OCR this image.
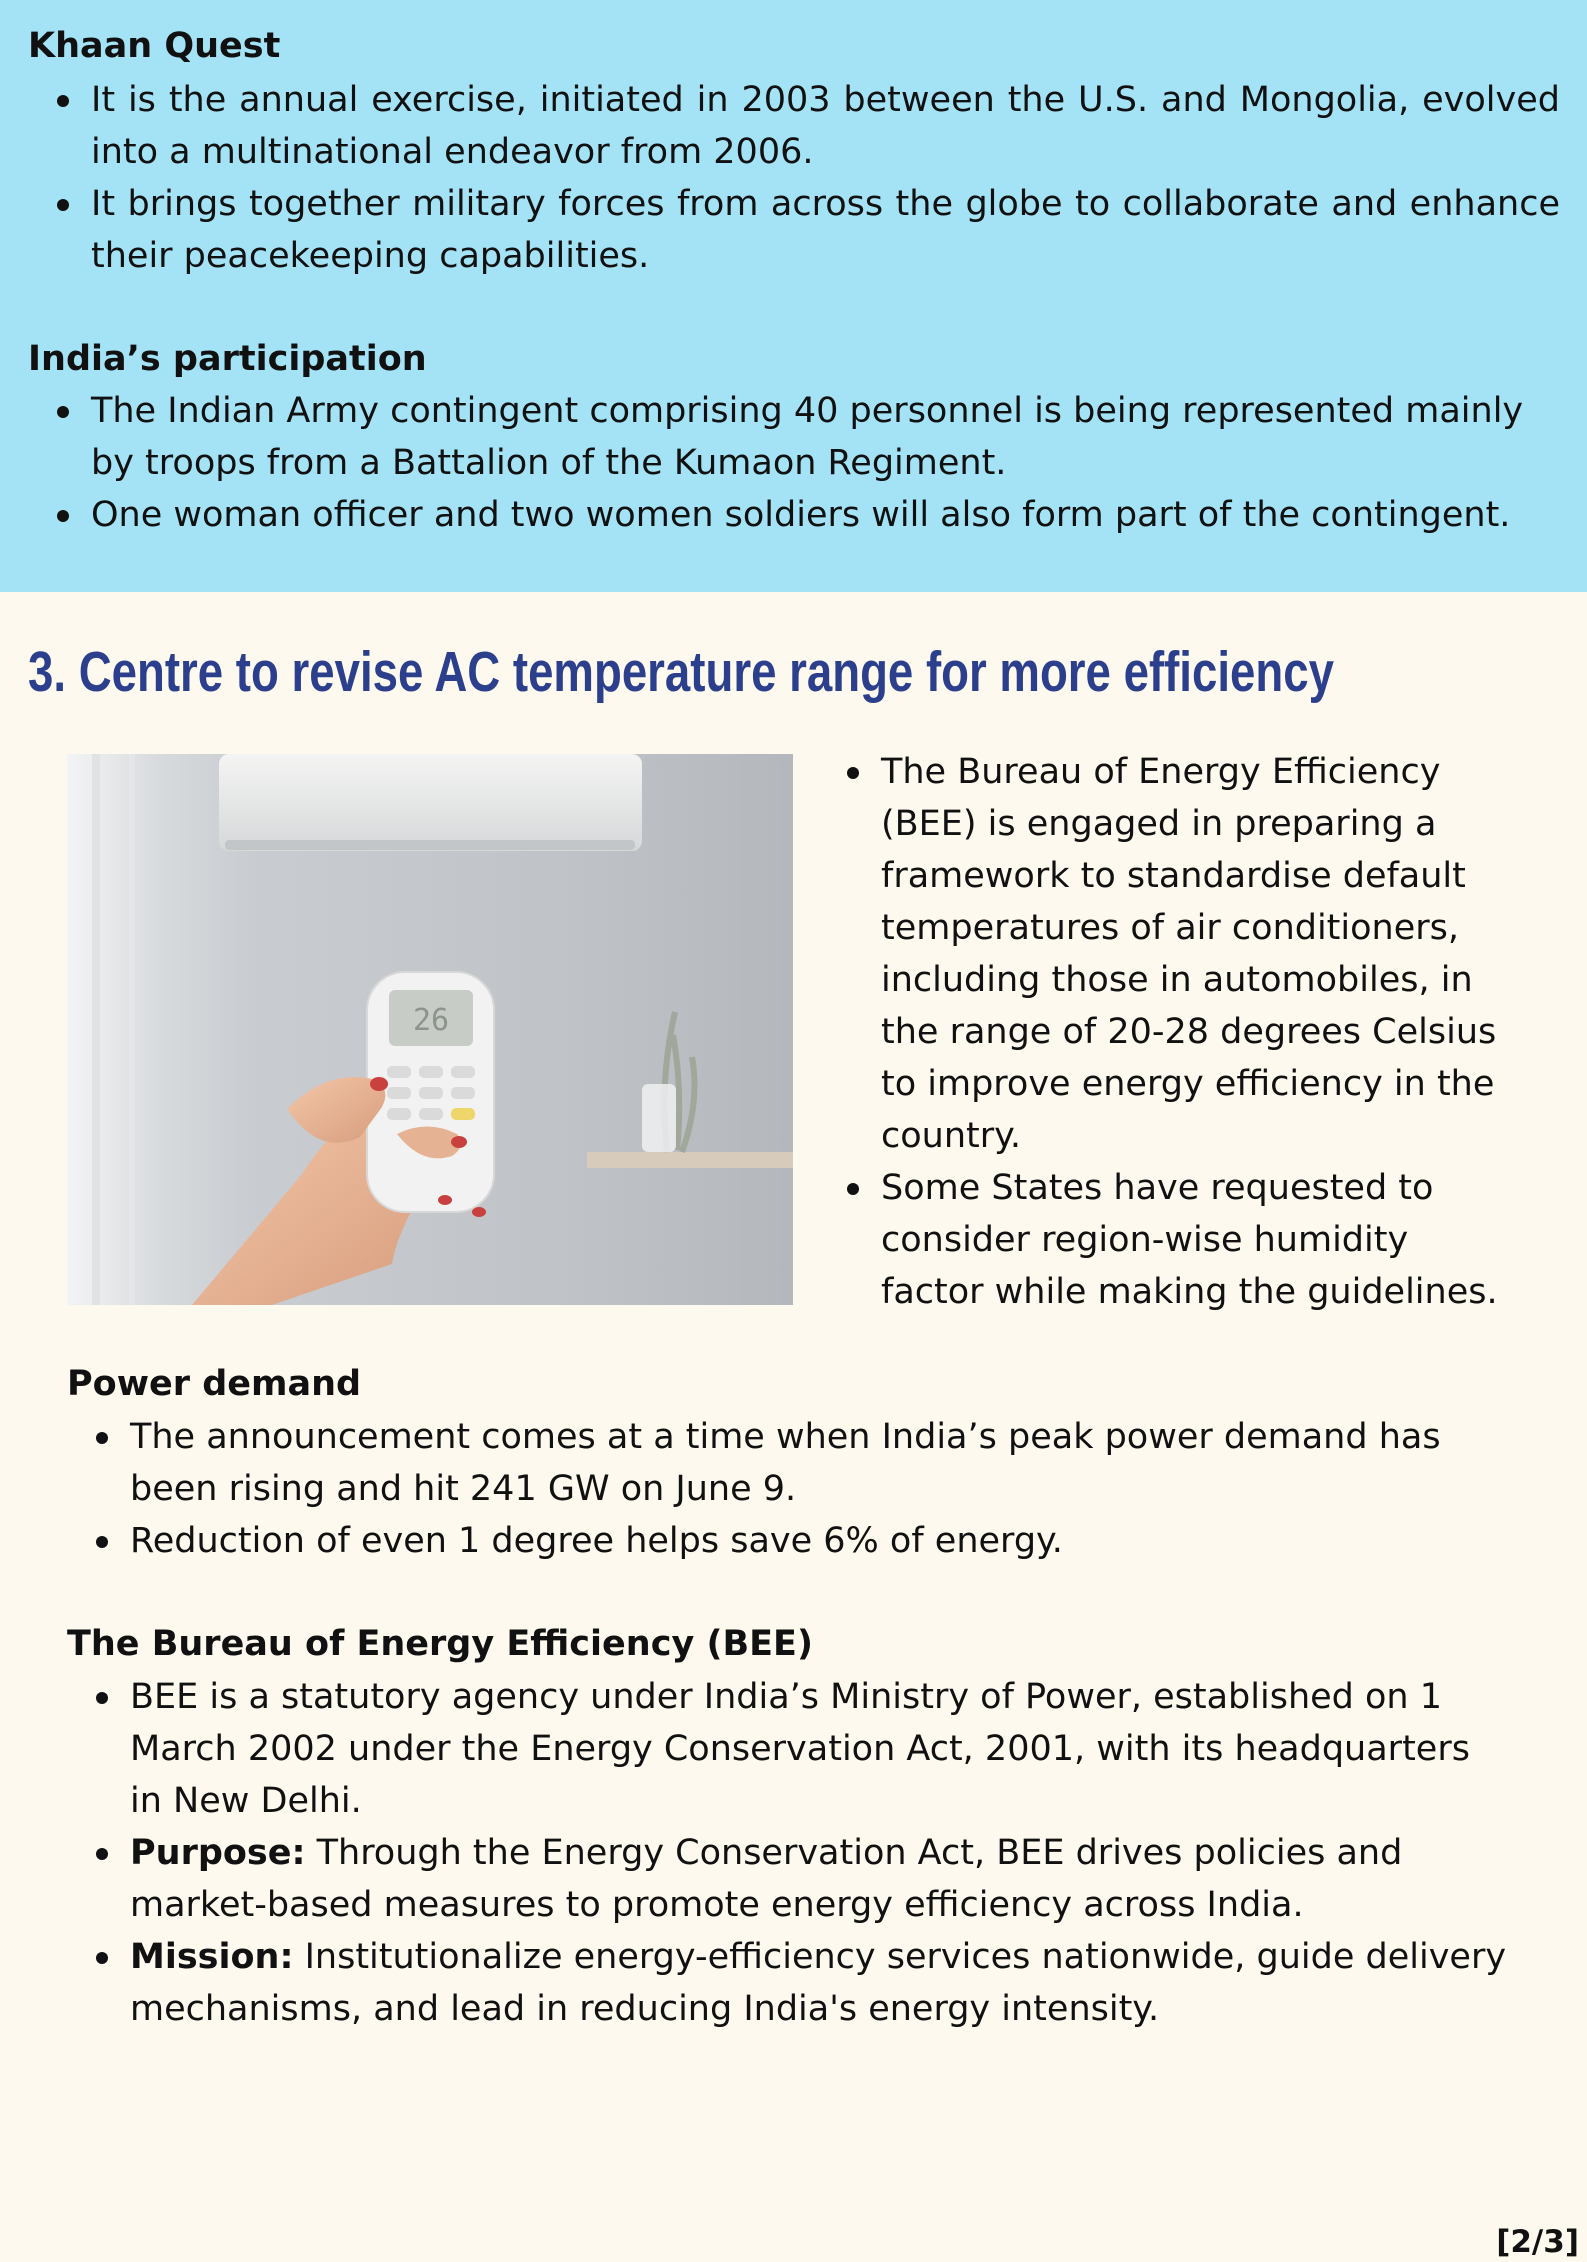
Khaan Quest
It is the annual exercise, initiated in 2003 between the U.S. and Mongolia, evolved into a multinational endeavor from 2006.
It brings together military forces from across the globe to collaborate and enhance their peacekeeping capabilities.
India’s participation
The Indian Army contingent comprising 40 personnel is being represented mainly by troops from a Battalion of the Kumaon Regiment.
One woman officer and two women soldiers will also form part of the contingent.
3. Centre to revise AC temperature range for more efficiency
26
The Bureau of Energy Efficiency (BEE) is engaged in preparing a framework to standardise default temperatures of air conditioners, including those in automobiles, in the range of 20-28 degrees Celsius to improve energy efficiency in the country.
Some States have requested to consider region-wise humidity factor while making the guidelines.
Power demand
The announcement comes at a time when India’s peak power demand has been rising and hit 241 GW on June 9.
Reduction of even 1 degree helps save 6% of energy.
The Bureau of Energy Efficiency (BEE)
BEE is a statutory agency under India’s Ministry of Power, established on 1 March 2002 under the Energy Conservation Act, 2001, with its headquarters in New Delhi.
Purpose: Through the Energy Conservation Act, BEE drives policies and market-based measures to promote energy efficiency across India.
Mission: Institutionalize energy-efficiency services nationwide, guide delivery mechanisms, and lead in reducing India's energy intensity.
[2/3]
